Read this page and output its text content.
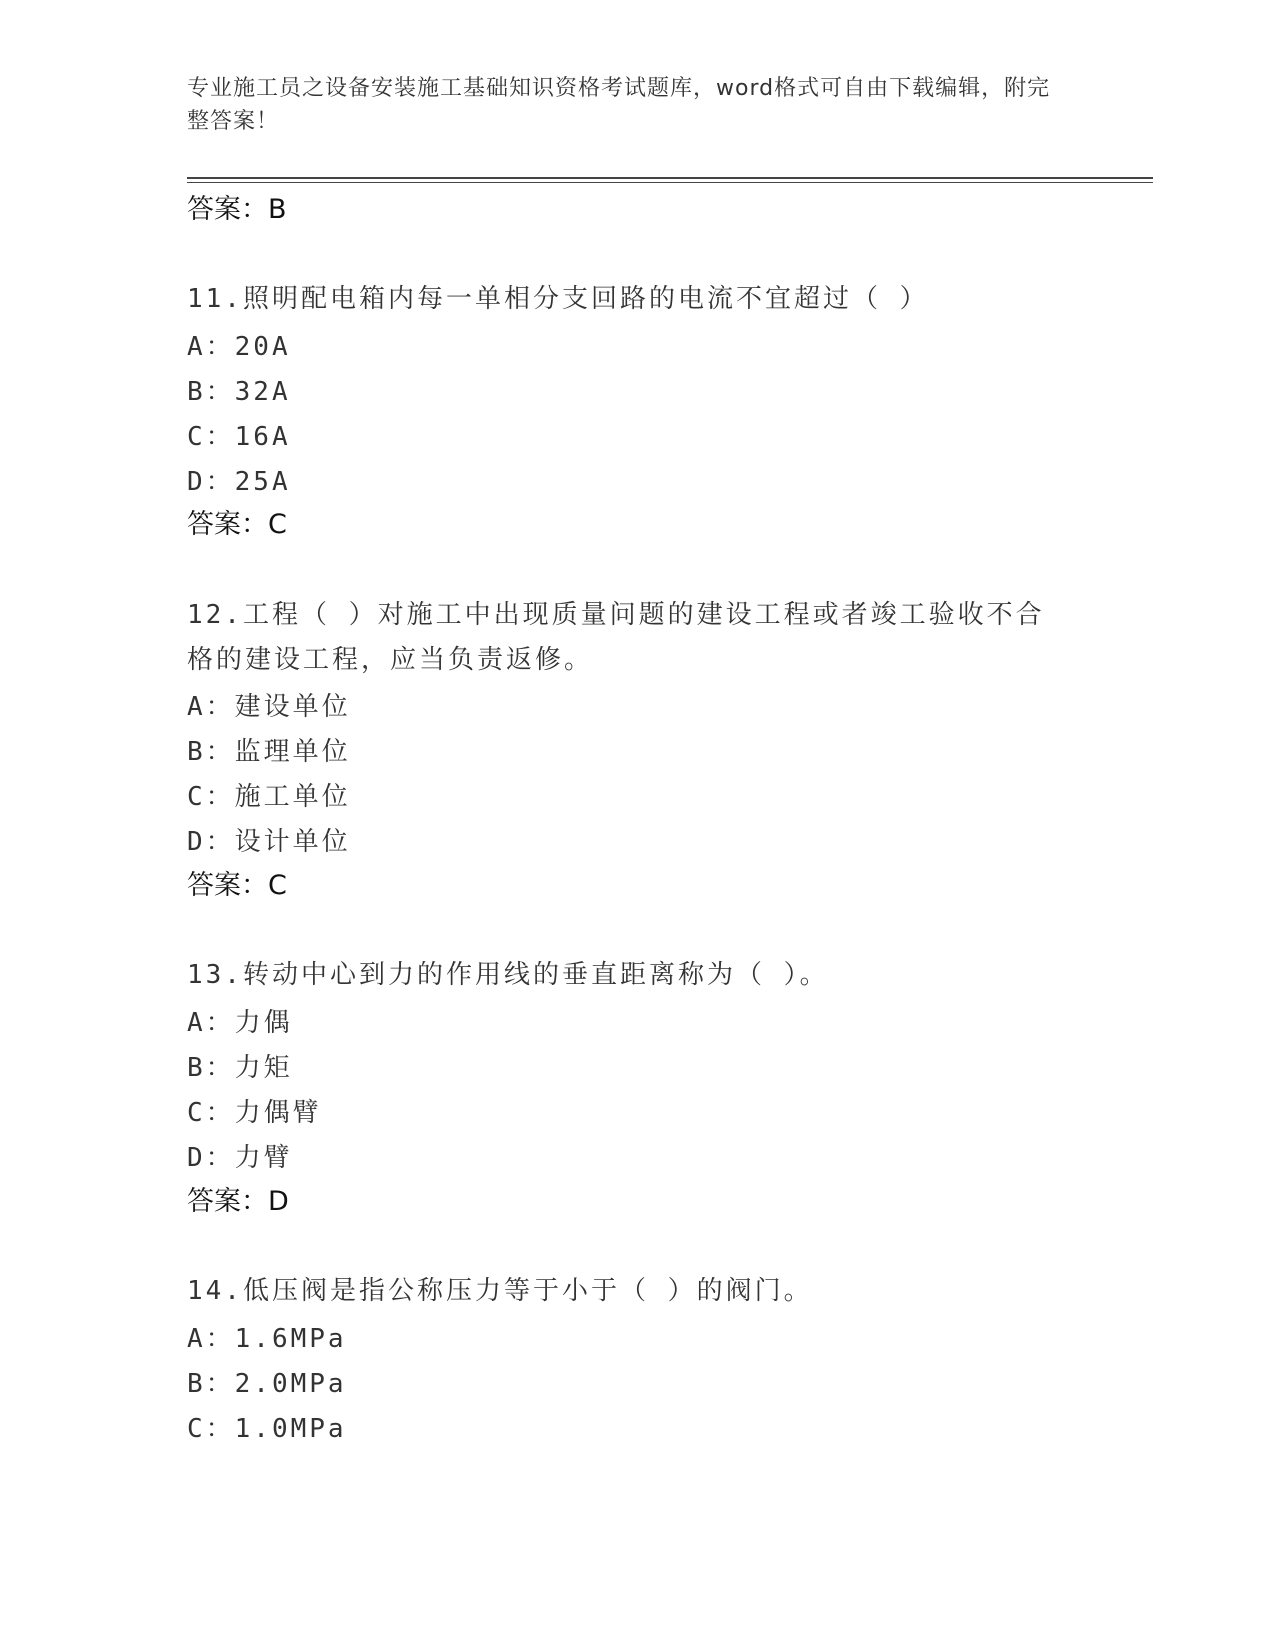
专业施工员之设备安装施工基础知识资格考试题库，word格式可自由下载编辑，附完整答案！
答案：B
11.照明配电箱内每一单相分支回路的电流不宜超过（ ）
A：20A
B：32A
C：16A
D：25A
答案：C
12.工程（ ）对施工中出现质量问题的建设工程或者竣工验收不合格的建设工程，应当负责返修。
A：建设单位
B：监理单位
C：施工单位
D：设计单位
答案：C
13.转动中心到力的作用线的垂直距离称为（ ）。
A：力偶
B：力矩
C：力偶臂
D：力臂
答案：D
14.低压阀是指公称压力等于小于（ ）的阀门。
A：1.6MPa
B：2.0MPa
C：1.0MPa
